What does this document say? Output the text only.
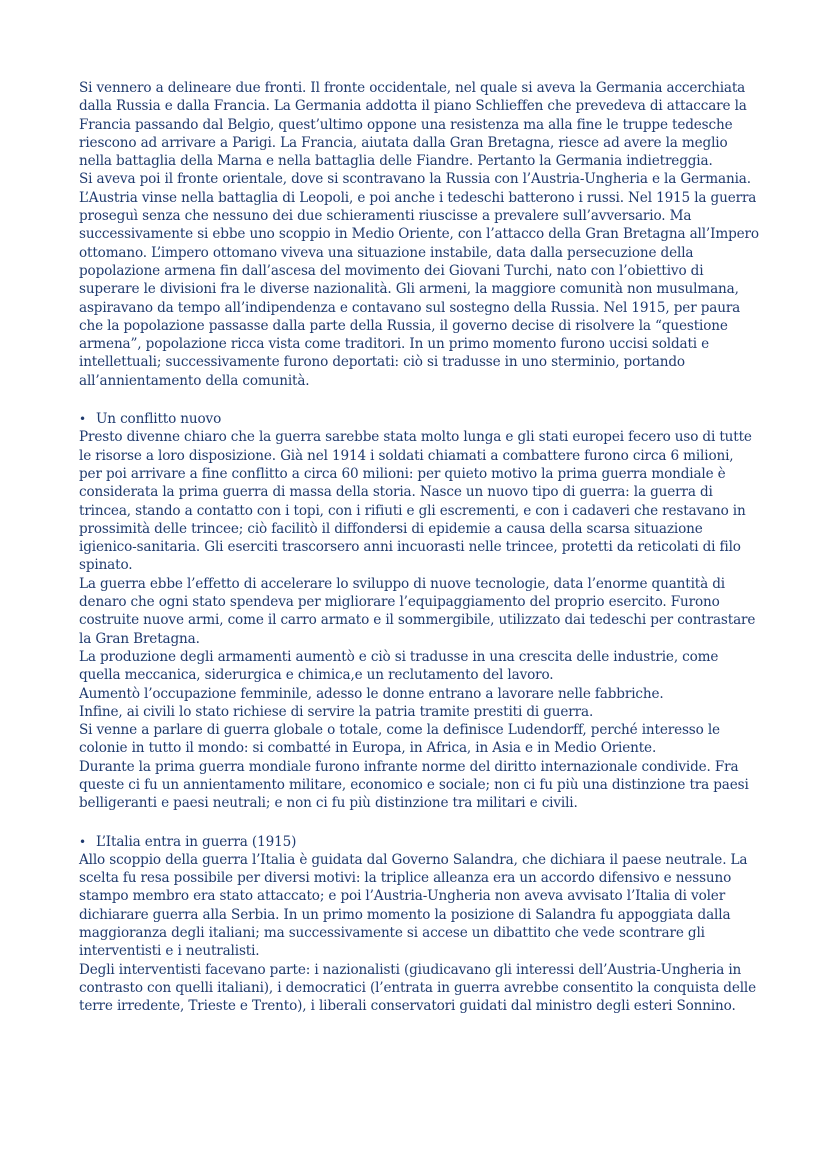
Si vennero a delineare due fronti. Il fronte occidentale, nel quale si aveva la Germania accerchiata dalla Russia e dalla Francia. La Germania addotta il piano Schlieffen che prevedeva di attaccare la Francia passando dal Belgio, quest’ultimo oppone una resistenza ma alla fine le truppe tedesche riescono ad arrivare a Parigi. La Francia, aiutata dalla Gran Bretagna, riesce ad avere la meglio nella battaglia della Marna e nella battaglia delle Fiandre. Pertanto la Germania indietreggia.

Si aveva poi il fronte orientale, dove si scontravano la Russia con l’Austria-Ungheria e la Germania. L’Austria vinse nella battaglia di Leopoli, e poi anche i tedeschi batterono i russi. Nel 1915 la guerra proseguì senza che nessuno dei due schieramenti riuscisse a prevalere sull’avversario. Ma successivamente si ebbe uno scoppio in Medio Oriente, con l’attacco della Gran Bretagna all’Impero ottomano. L’impero ottomano viveva una situazione instabile, data dalla persecuzione della popolazione armena fin dall’ascesa del movimento dei Giovani Turchi, nato con l’obiettivo di superare le divisioni fra le diverse nazionalità. Gli armeni, la maggiore comunità non musulmana, aspiravano da tempo all’indipendenza e contavano sul sostegno della Russia. Nel 1915, per paura che la popolazione passasse dalla parte della Russia, il governo decise di risolvere la “questione armena”, popolazione ricca vista come traditori. In un primo momento furono uccisi soldati e intellettuali; successivamente furono deportati: ciò si tradusse in uno sterminio, portando all’annientamento della comunità.

• Un conflitto nuovo

Presto divenne chiaro che la guerra sarebbe stata molto lunga e gli stati europei fecero uso di tutte le risorse a loro disposizione. Già nel 1914 i soldati chiamati a combattere furono circa 6 milioni, per poi arrivare a fine conflitto a circa 60 milioni: per quieto motivo la prima guerra mondiale è considerata la prima guerra di massa della storia. Nasce un nuovo tipo di guerra: la guerra di trincea, stando a contatto con i topi, con i rifiuti e gli escrementi, e con i cadaveri che restavano in prossimità delle trincee; ciò facilitò il diffondersi di epidemie a causa della scarsa situazione igienico-sanitaria. Gli eserciti trascorsero anni incuorasti nelle trincee, protetti da reticolati di filo spinato.

La guerra ebbe l’effetto di accelerare lo sviluppo di nuove tecnologie, data l’enorme quantità di denaro che ogni stato spendeva per migliorare l’equipaggiamento del proprio esercito. Furono costruite nuove armi, come il carro armato e il sommergibile, utilizzato dai tedeschi per contrastare la Gran Bretagna.

La produzione degli armamenti aumentò e ciò si tradusse in una crescita delle industrie, come quella meccanica, siderurgica e chimica,e un reclutamento del lavoro.

Aumentò l’occupazione femminile, adesso le donne entrano a lavorare nelle fabbriche.

Infine, ai civili lo stato richiese di servire la patria tramite prestiti di guerra.

Si venne a parlare di guerra globale o totale, come la definisce Ludendorff, perché interesso le colonie in tutto il mondo: si combatté in Europa, in Africa, in Asia e in Medio Oriente.

Durante la prima guerra mondiale furono infrante norme del diritto internazionale condivide. Fra queste ci fu un annientamento militare, economico e sociale; non ci fu più una distinzione tra paesi belligeranti e paesi neutrali; e non ci fu più distinzione tra militari e civili.

• L’Italia entra in guerra (1915)

Allo scoppio della guerra l’Italia è guidata dal Governo Salandra, che dichiara il paese neutrale. La scelta fu resa possibile per diversi motivi: la triplice alleanza era un accordo difensivo e nessuno stampo membro era stato attaccato; e poi l’Austria-Ungheria non aveva avvisato l’Italia di voler dichiarare guerra alla Serbia. In un primo momento la posizione di Salandra fu appoggiata dalla maggioranza degli italiani; ma successivamente si accese un dibattito che vede scontrare gli interventisti e i neutralisti.

Degli interventisti facevano parte: i nazionalisti (giudicavano gli interessi dell’Austria-Ungheria in contrasto con quelli italiani), i democratici (l’entrata in guerra avrebbe consentito la conquista delle terre irredente, Trieste e Trento), i liberali conservatori guidati dal ministro degli esteri Sonnino.
